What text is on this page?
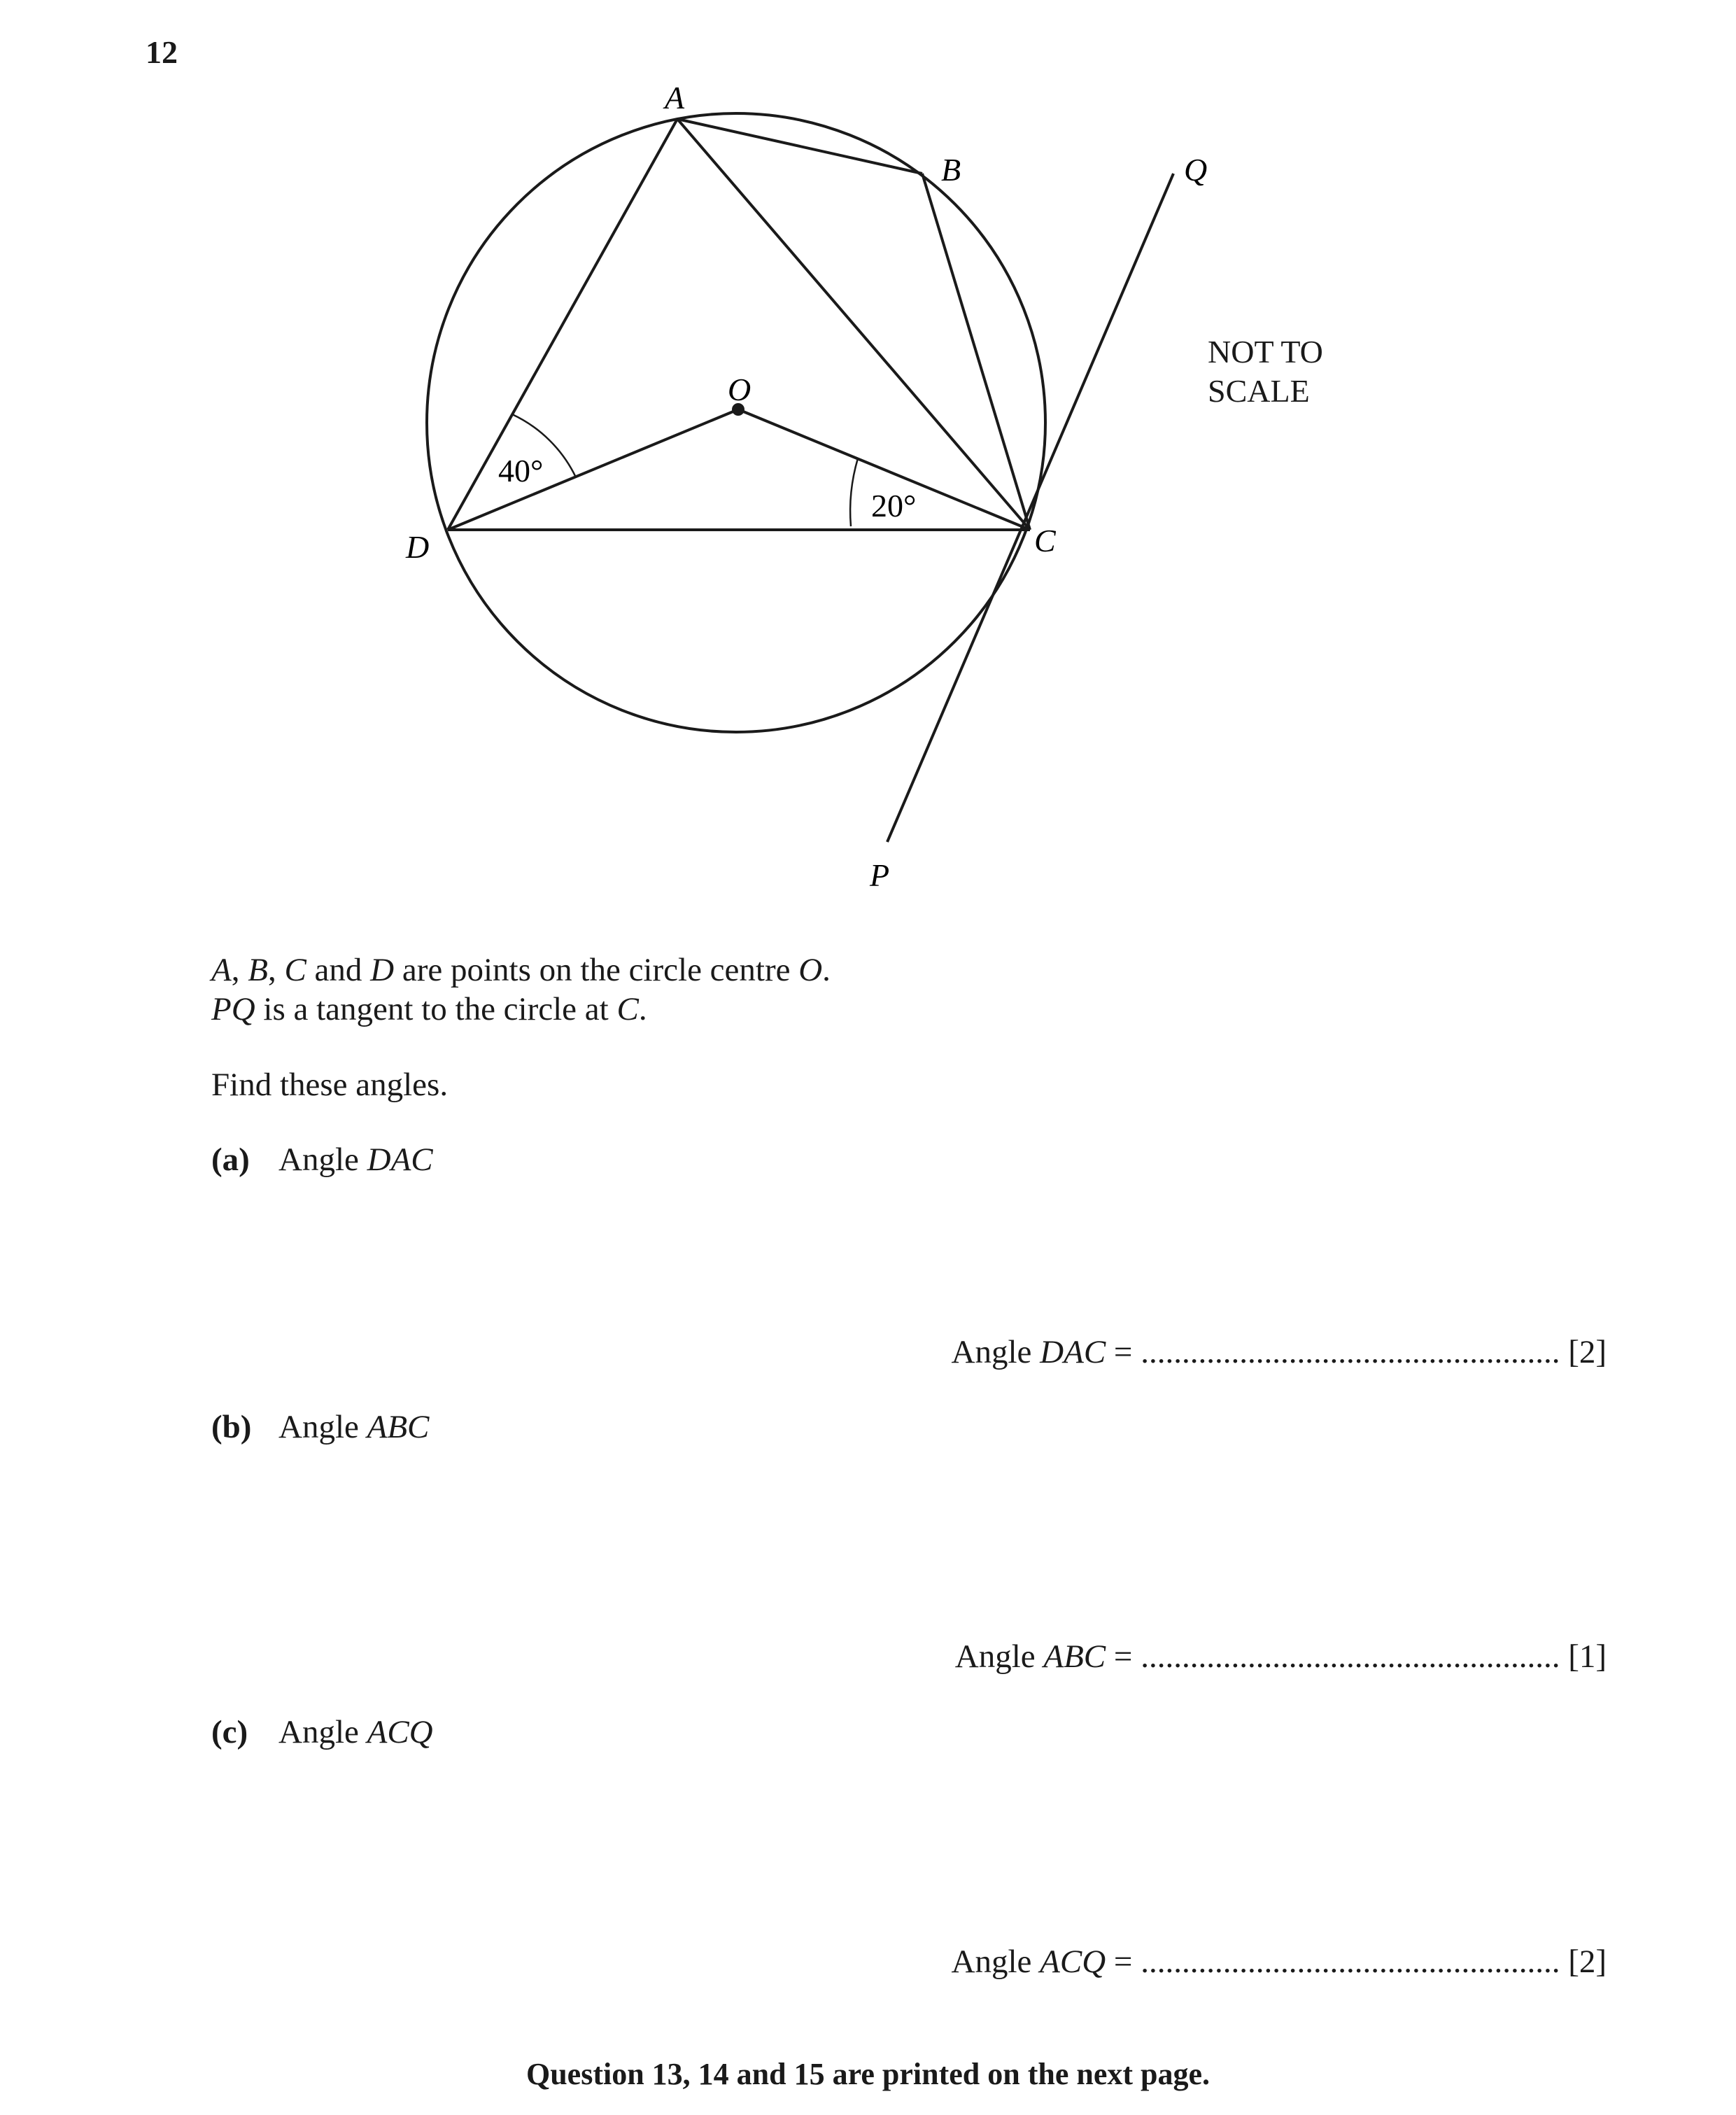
12
A
B	Q
O
D	C
P
40°
20°
NOT TO
SCALE
A, B, C and D are points on the circle centre O.
PQ is a tangent to the circle at C.
Find these angles.
(a) Angle DAC
Angle DAC = ................................................... [2]
(b) Angle ABC
Angle ABC = ................................................... [1]
(c) Angle ACQ
Angle ACQ = ................................................... [2]
Question 13, 14 and 15 are printed on the next page.
